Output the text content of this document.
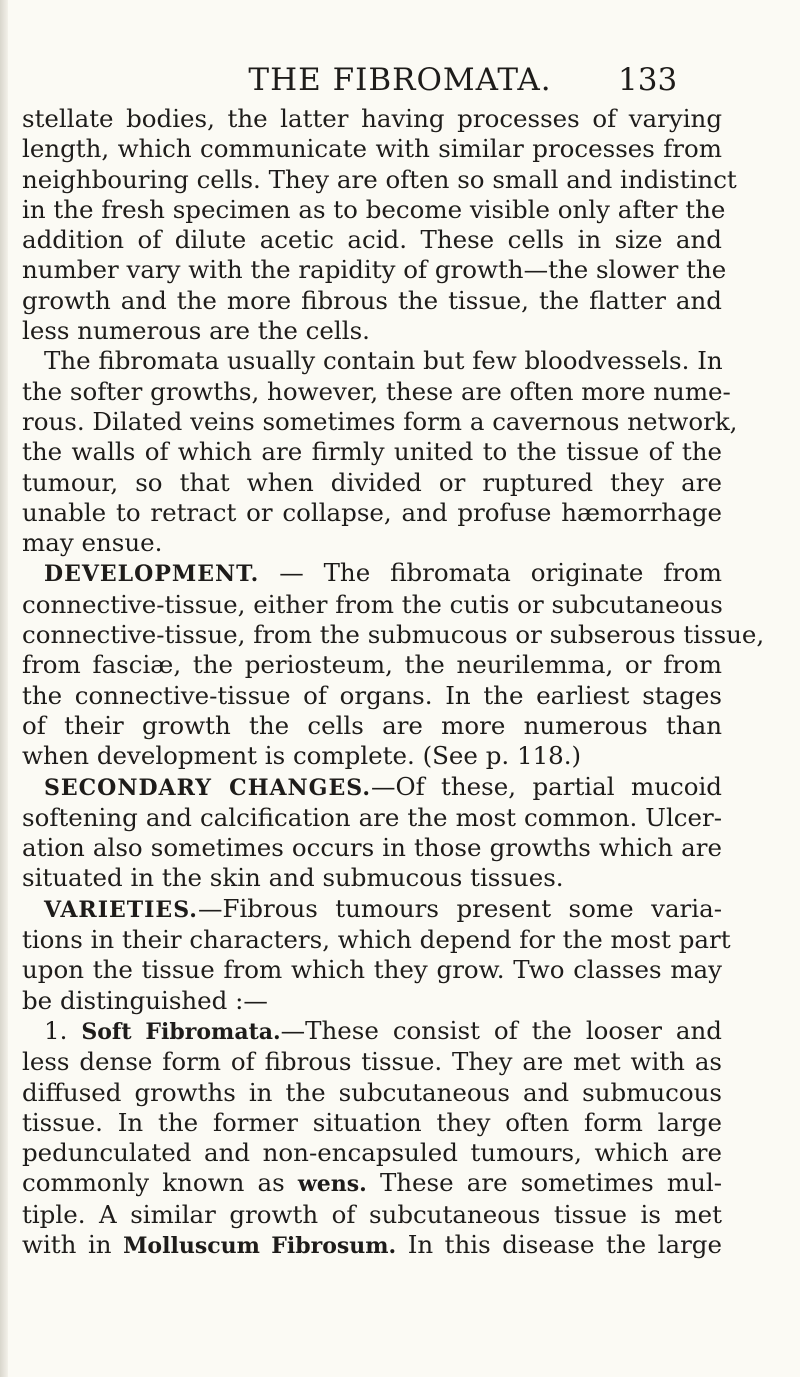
THE FIBROMATA.	133
stellate bodies, the latter having processes of varying
length, which communicate with similar processes from
neighbouring cells. They are often so small and indistinct
in the fresh specimen as to become visible only after the
addition of dilute acetic acid. These cells in size and
number vary with the rapidity of growth—the slower the
growth and the more fibrous the tissue, the flatter and
less numerous are the cells.
The fibromata usually contain but few bloodvessels. In
the softer growths, however, these are often more nume-
rous. Dilated veins sometimes form a cavernous network,
the walls of which are firmly united to the tissue of the
tumour, so that when divided or ruptured they are
unable to retract or collapse, and profuse hæmorrhage
may ensue.
DEVELOPMENT. — The fibromata originate from
connective-tissue, either from the cutis or subcutaneous
connective-tissue, from the submucous or subserous tissue,
from fasciæ, the periosteum, the neurilemma, or from
the connective-tissue of organs. In the earliest stages
of their growth the cells are more numerous than
when development is complete. (See p. 118.)
SECONDARY CHANGES.—Of these, partial mucoid
softening and calcification are the most common. Ulcer-
ation also sometimes occurs in those growths which are
situated in the skin and submucous tissues.
VARIETIES.—Fibrous tumours present some varia-
tions in their characters, which depend for the most part
upon the tissue from which they grow. Two classes may
be distinguished :—
1. Soft Fibromata.—These consist of the looser and
less dense form of fibrous tissue. They are met with as
diffused growths in the subcutaneous and submucous
tissue. In the former situation they often form large
pedunculated and non-encapsuled tumours, which are
commonly known as wens. These are sometimes mul-
tiple. A similar growth of subcutaneous tissue is met
with in Molluscum Fibrosum. In this disease the large
